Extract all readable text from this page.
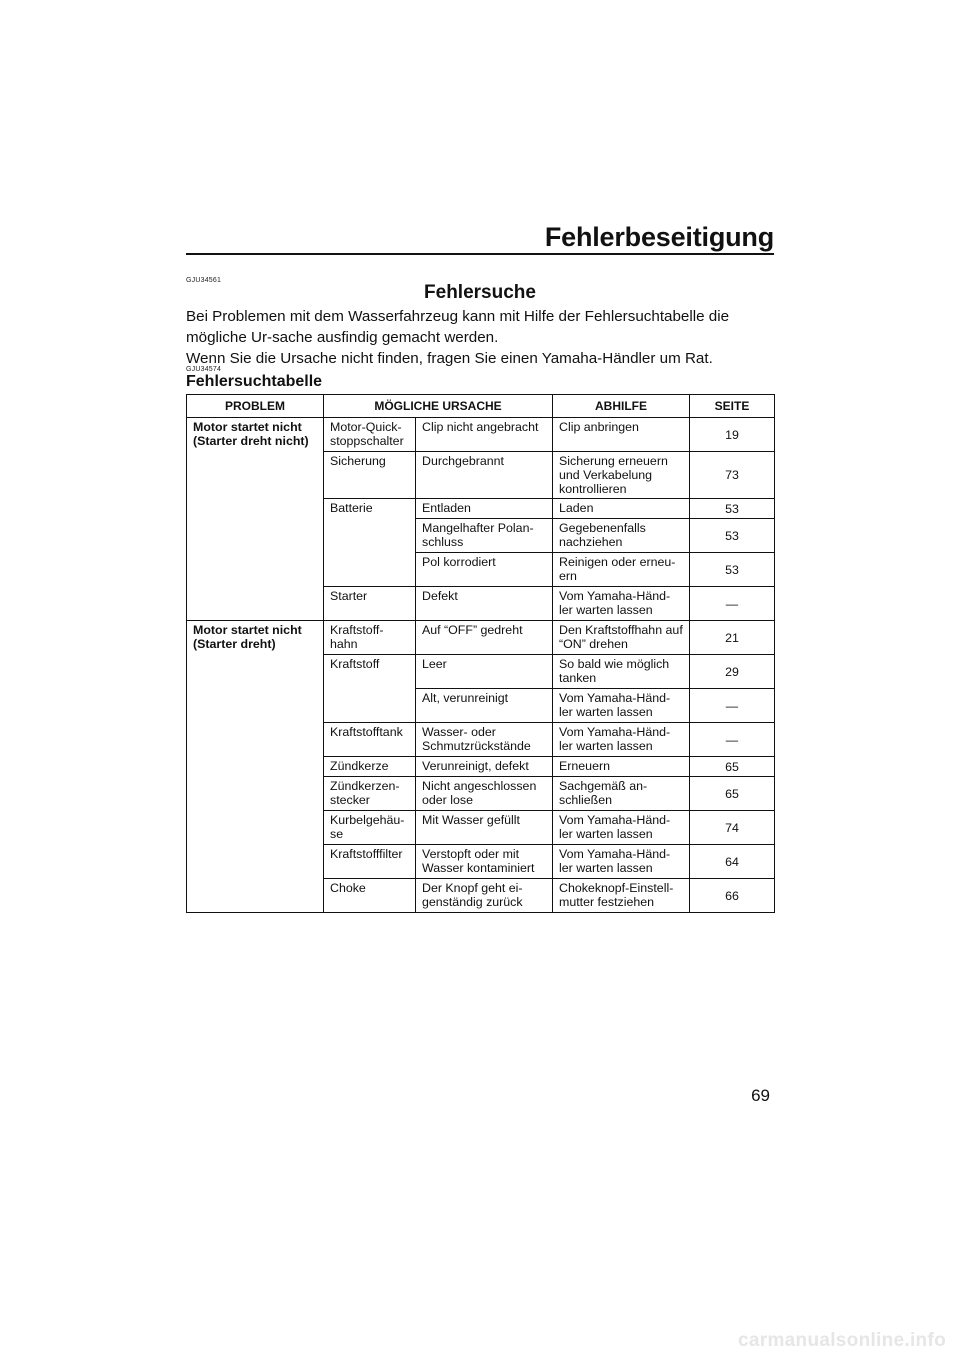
Fehlerbeseitigung
GJU34561
Fehlersuche

Bei Problemen mit dem Wasserfahrzeug kann mit Hilfe der Fehlersuchtabelle die mögliche Ur-sache ausfindig gemacht werden.

Wenn Sie die Ursache nicht finden, fragen Sie einen Yamaha-Händler um Rat.

GJU34574
Fehlersuchtabelle
PROBLEM	MÖGLICHE URSACHE		ABHILFE	SEITE
Motor startet nicht (Starter dreht nicht)	Motor-Quick-stoppschalter	Clip nicht angebracht	Clip anbringen	19
	Sicherung	Durchgebrannt	Sicherung erneuern und Verkabelung kontrollieren	73
	Batterie	Entladen	Laden	53
		Mangelhafter Polan-schluss	Gegebenenfalls nachziehen	53
		Pol korrodiert	Reinigen oder erneu-ern	53
	Starter	Defekt	Vom Yamaha-Händ-ler warten lassen	—
Motor startet nicht (Starter dreht)	Kraftstoff-hahn	Auf “OFF” gedreht	Den Kraftstoffhahn auf “ON” drehen	21
	Kraftstoff	Leer	So bald wie möglich tanken	29
		Alt, verunreinigt	Vom Yamaha-Händ-ler warten lassen	—
	Kraftstofftank	Wasser- oder Schmutzrückstände	Vom Yamaha-Händ-ler warten lassen	—
	Zündkerze	Verunreinigt, defekt	Erneuern	65
	Zündkerzen-stecker	Nicht angeschlossen oder lose	Sachgemäß an-schließen	65
	Kurbelgehäu-se	Mit Wasser gefüllt	Vom Yamaha-Händ-ler warten lassen	74
	Kraftstofffilter	Verstopft oder mit Wasser kontaminiert	Vom Yamaha-Händ-ler warten lassen	64
	Choke	Der Knopf geht ei-genständig zurück	Chokeknopf-Einstell-mutter festziehen	66
69
carmanualsonline.info
